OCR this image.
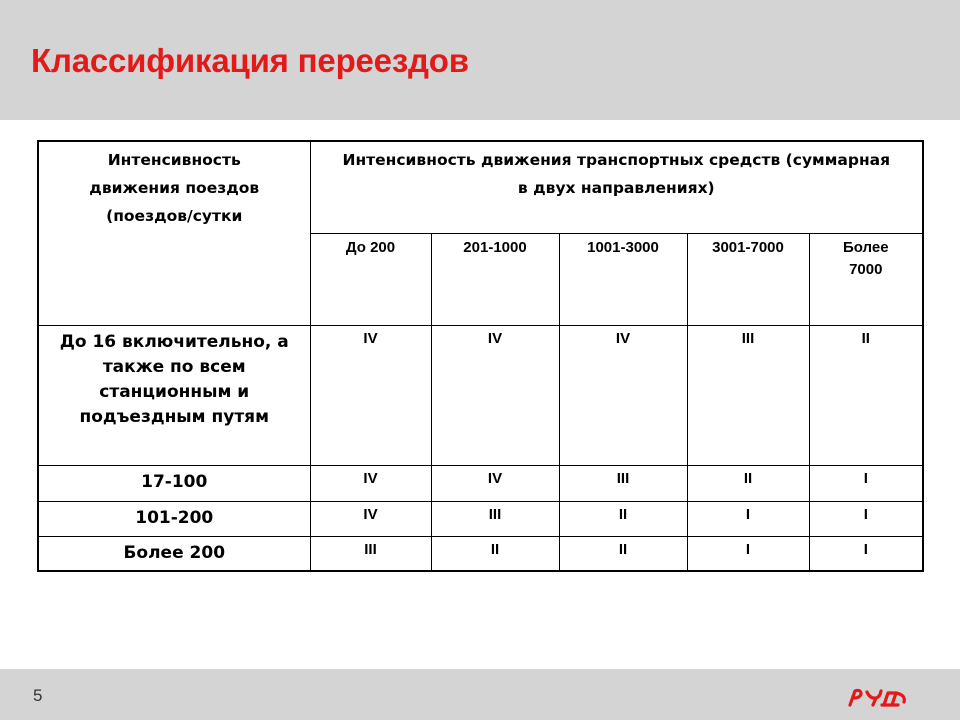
Классификация переездов
Интенсивность
движения поездов
(поездов/сутки	Интенсивность движения транспортных средств (суммарная в двух направлениях)				
	До 200	201-1000	1001-3000	3001-7000	Более 7000
До 16 включительно, а также по всем станционным и подъездным путям	IV	IV	IV	III	II
17-100	IV	IV	III	II	I
101-200	IV	III	II	I	I
Более 200	III	II	II	I	I
5
